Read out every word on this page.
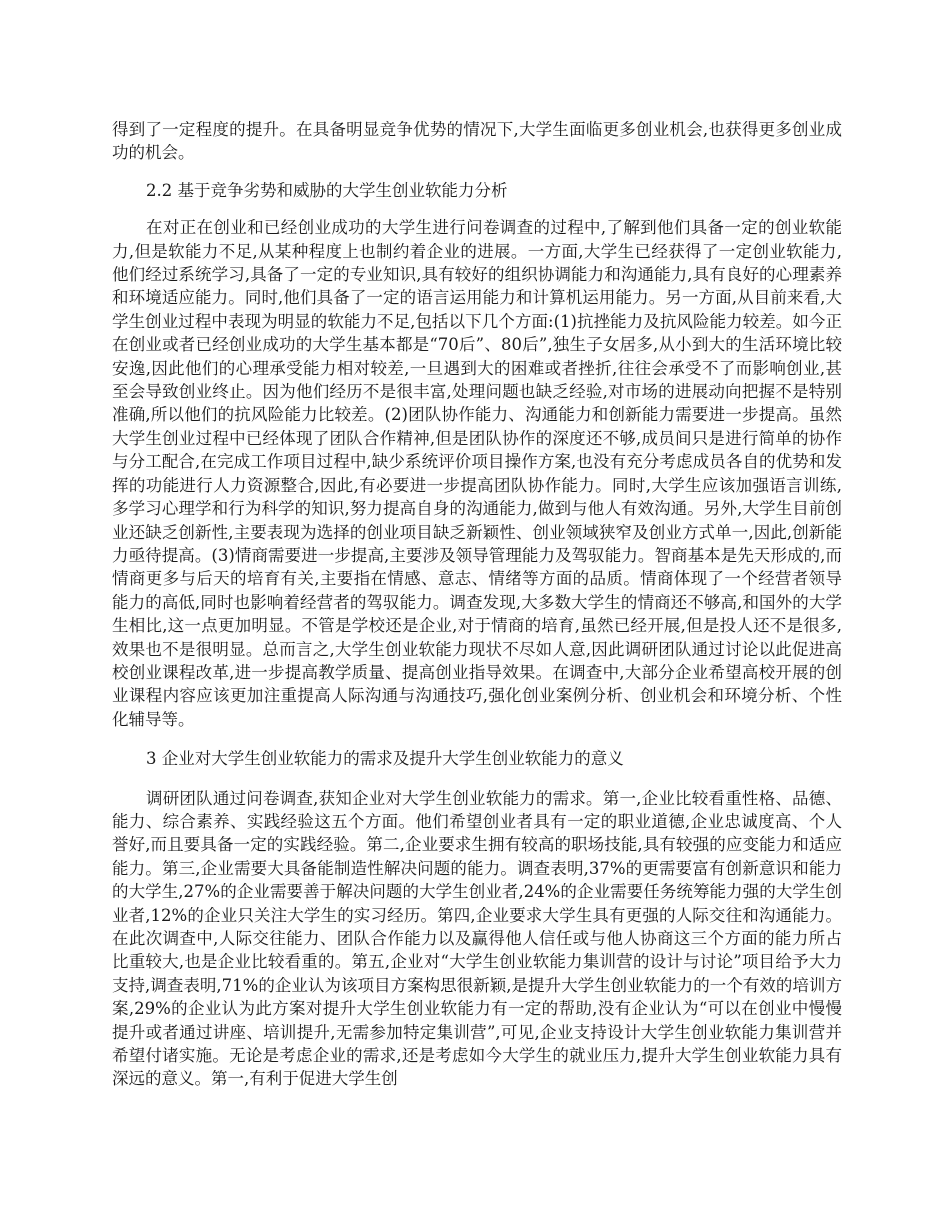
得到了一定程度的提升。在具备明显竞争优势的情况下,大学生面临更多创业机会,也获得更多创业成功的机会。

2.2 基于竞争劣势和威胁的大学生创业软能力分析

在对正在创业和已经创业成功的大学生进行问卷调查的过程中,了解到他们具备一定的创业软能力,但是软能力不足,从某种程度上也制约着企业的进展。一方面,大学生已经获得了一定创业软能力,他们经过系统学习,具备了一定的专业知识,具有较好的组织协调能力和沟通能力,具有良好的心理素养和环境适应能力。同时,他们具备了一定的语言运用能力和计算机运用能力。另一方面,从目前来看,大学生创业过程中表现为明显的软能力不足,包括以下几个方面:(1)抗挫能力及抗风险能力较差。如今正在创业或者已经创业成功的大学生基本都是“70后”、80后”,独生子女居多,从小到大的生活环境比较安逸,因此他们的心理承受能力相对较差,一旦遇到大的困难或者挫折,往往会承受不了而影响创业,甚至会导致创业终止。因为他们经历不是很丰富,处理问题也缺乏经验,对市场的进展动向把握不是特别准确,所以他们的抗风险能力比较差。(2)团队协作能力、沟通能力和创新能力需要进一步提高。虽然大学生创业过程中已经体现了团队合作精神,但是团队协作的深度还不够,成员间只是进行简单的协作与分工配合,在完成工作项目过程中,缺少系统评价项目操作方案,也没有充分考虑成员各自的优势和发挥的功能进行人力资源整合,因此,有必要进一步提高团队协作能力。同时,大学生应该加强语言训练,多学习心理学和行为科学的知识,努力提高自身的沟通能力,做到与他人有效沟通。另外,大学生目前创业还缺乏创新性,主要表现为选择的创业项目缺乏新颖性、创业领域狭窄及创业方式单一,因此,创新能力亟待提高。(3)情商需要进一步提高,主要涉及领导管理能力及驾驭能力。智商基本是先天形成的,而情商更多与后天的培育有关,主要指在情感、意志、情绪等方面的品质。情商体现了一个经营者领导能力的高低,同时也影响着经营者的驾驭能力。调查发现,大多数大学生的情商还不够高,和国外的大学生相比,这一点更加明显。不管是学校还是企业,对于情商的培育,虽然已经开展,但是投人还不是很多,效果也不是很明显。总而言之,大学生创业软能力现状不尽如人意,因此调研团队通过讨论以此促进高校创业课程改革,进一步提高教学质量、提高创业指导效果。在调查中,大部分企业希望高校开展的创业课程内容应该更加注重提高人际沟通与沟通技巧,强化创业案例分析、创业机会和环境分析、个性化辅导等。

3 企业对大学生创业软能力的需求及提升大学生创业软能力的意义

调研团队通过问卷调查,获知企业对大学生创业软能力的需求。第一,企业比较看重性格、品德、能力、综合素养、实践经验这五个方面。他们希望创业者具有一定的职业道德,企业忠诚度高、个人誉好,而且要具备一定的实践经验。第二,企业要求生拥有较高的职场技能,具有较强的应变能力和适应能力。第三,企业需要大具备能制造性解决问题的能力。调查表明,37%的更需要富有创新意识和能力的大学生,27%的企业需要善于解决问题的大学生创业者,24%的企业需要任务统筹能力强的大学生创业者,12%的企业只关注大学生的实习经历。第四,企业要求大学生具有更强的人际交往和沟通能力。在此次调查中,人际交往能力、团队合作能力以及赢得他人信任或与他人协商这三个方面的能力所占比重较大,也是企业比较看重的。第五,企业对“大学生创业软能力集训营的设计与讨论”项目给予大力支持,调查表明,71%的企业认为该项目方案构思很新颖,是提升大学生创业软能力的一个有效的培训方案,29%的企业认为此方案对提升大学生创业软能力有一定的帮助,没有企业认为“可以在创业中慢慢提升或者通过讲座、培训提升,无需参加特定集训营”,可见,企业支持设计大学生创业软能力集训营并希望付诸实施。无论是考虑企业的需求,还是考虑如今大学生的就业压力,提升大学生创业软能力具有深远的意义。第一,有利于促进大学生创
